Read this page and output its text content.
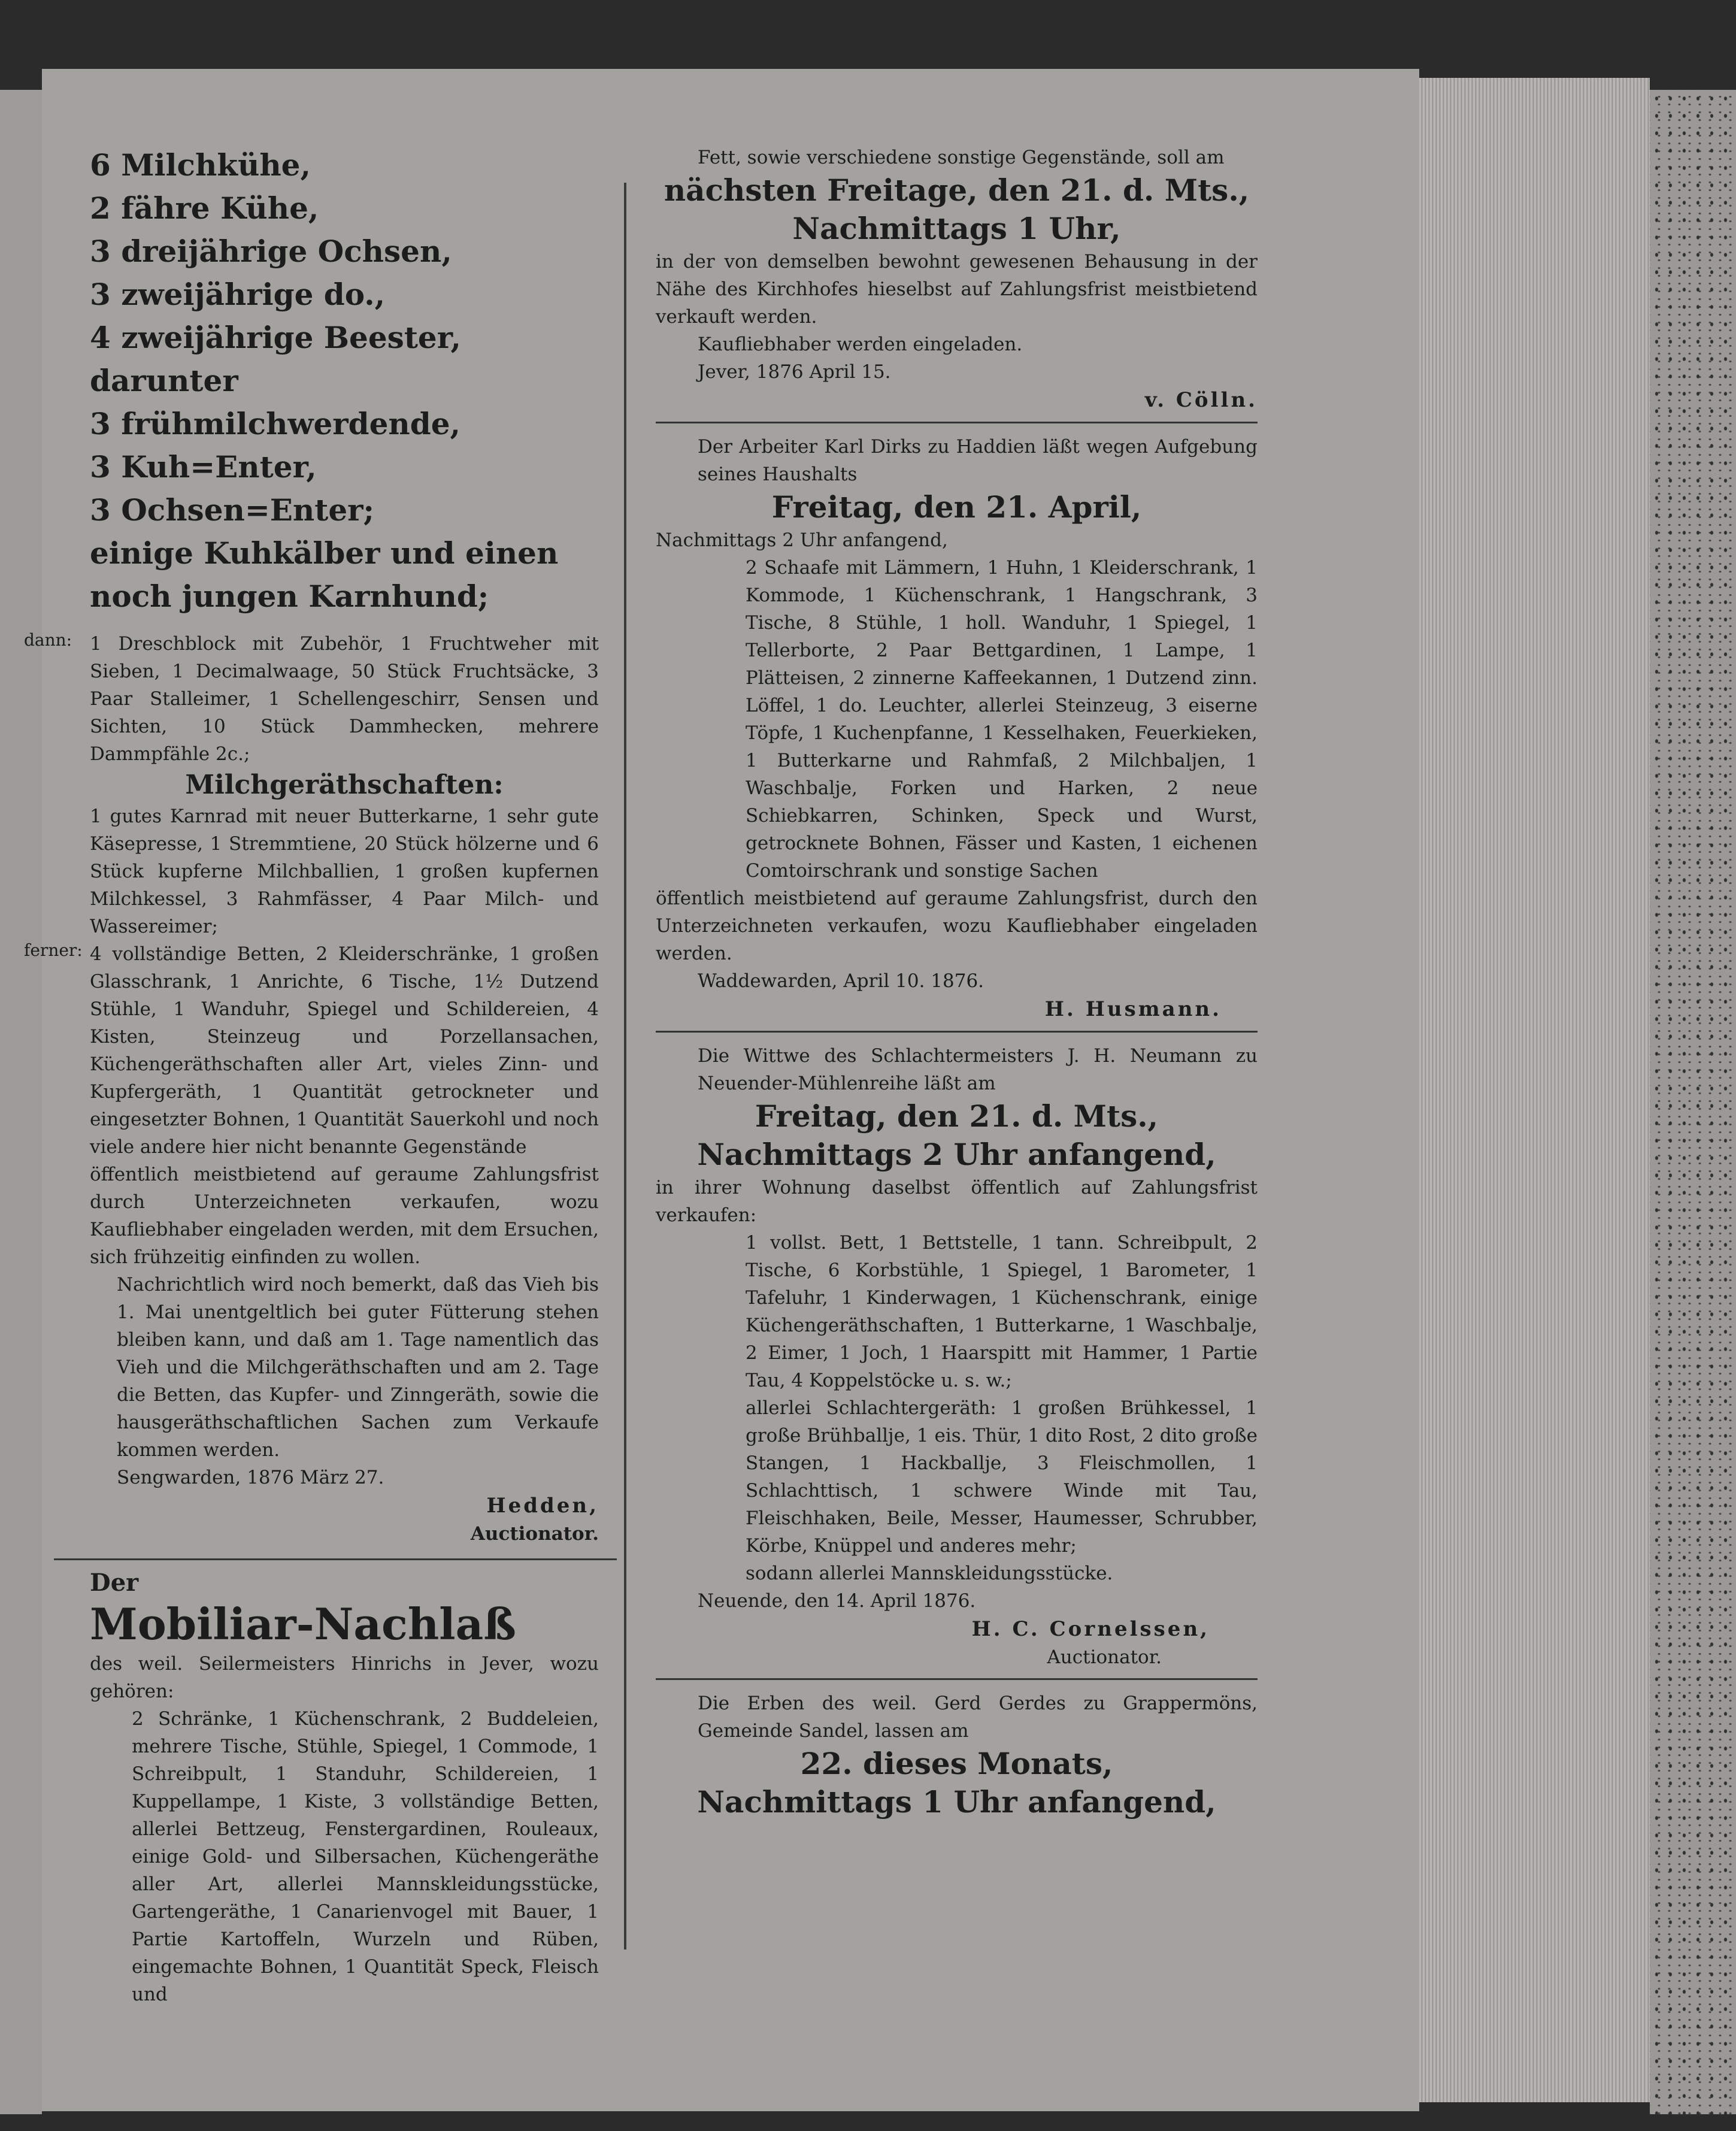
6 Milchkühe,

2 fähre Kühe,

3 dreijährige Ochsen,

3 zweijährige do.,

4 zweijährige Beester, darunter

3 frühmilchwerdende,

3 Kuh=Enter,

3 Ochsen=Enter;

einige Kuhkälber und einen

noch jungen Karnhund;

dann: 1 Dreschblock mit Zubehör, 1 Fruchtweher mit Sieben, 1 Decimalwaage, 50 Stück Fruchtsäcke, 3 Paar Stalleimer, 1 Schellengeschirr, Sensen und Sichten, 10 Stück Dammhecken, mehrere Dammpfähle 2c.;

Milchgeräthschaften:

1 gutes Karnrad mit neuer Butterkarne, 1 sehr gute Käsepresse, 1 Stremmtiene, 20 Stück hölzerne und 6 Stück kupferne Milchballien, 1 großen kupfernen Milchkessel, 3 Rahmfässer, 4 Paar Milch- und Wassereimer;

ferner: 4 vollständige Betten, 2 Kleiderschränke, 1 großen Glasschrank, 1 Anrichte, 6 Tische, 1½ Dutzend Stühle, 1 Wanduhr, Spiegel und Schildereien, 4 Kisten, Steinzeug und Porzellansachen, Küchengeräthschaften aller Art, vieles Zinn- und Kupfergeräth, 1 Quantität getrockneter und eingesetzter Bohnen, 1 Quantität Sauerkohl und noch viele andere hier nicht benannte Gegenstände

öffentlich meistbietend auf geraume Zahlungsfrist durch Unterzeichneten verkaufen, wozu Kaufliebhaber eingeladen werden, mit dem Ersuchen, sich frühzeitig einfinden zu wollen.

Nachrichtlich wird noch bemerkt, daß das Vieh bis 1. Mai unentgeltlich bei guter Fütterung stehen bleiben kann, und daß am 1. Tage namentlich das Vieh und die Milchgeräthschaften und am 2. Tage die Betten, das Kupfer- und Zinngeräth, sowie die hausgeräthschaftlichen Sachen zum Verkaufe kommen werden.

Sengwarden, 1876 März 27.

Hedden,

Auctionator.

Der

Mobiliar-Nachlaß

des weil. Seilermeisters Hinrichs in Jever, wozu gehören:

2 Schränke, 1 Küchenschrank, 2 Buddeleien, mehrere Tische, Stühle, Spiegel, 1 Commode, 1 Schreibpult, 1 Standuhr, Schildereien, 1 Kuppellampe, 1 Kiste, 3 vollständige Betten, allerlei Bettzeug, Fenstergardinen, Rouleaux, einige Gold- und Silbersachen, Küchengeräthe aller Art, allerlei Mannskleidungsstücke, Gartengeräthe, 1 Canarienvogel mit Bauer, 1 Partie Kartoffeln, Wurzeln und Rüben, eingemachte Bohnen, 1 Quantität Speck, Fleisch und

Fett, sowie verschiedene sonstige Gegenstände, soll am

nächsten Freitage, den 21. d. Mts.,

Nachmittags 1 Uhr,

in der von demselben bewohnt gewesenen Behausung in der Nähe des Kirchhofes hieselbst auf Zahlungsfrist meistbietend verkauft werden.

Kaufliebhaber werden eingeladen.

Jever, 1876 April 15.

v. Cölln.

Der Arbeiter Karl Dirks zu Haddien läßt wegen Aufgebung seines Haushalts

Freitag, den 21. April,

Nachmittags 2 Uhr anfangend,

2 Schaafe mit Lämmern, 1 Huhn, 1 Kleiderschrank, 1 Kommode, 1 Küchenschrank, 1 Hangschrank, 3 Tische, 8 Stühle, 1 holl. Wanduhr, 1 Spiegel, 1 Tellerborte, 2 Paar Bettgardinen, 1 Lampe, 1 Plätteisen, 2 zinnerne Kaffeekannen, 1 Dutzend zinn. Löffel, 1 do. Leuchter, allerlei Steinzeug, 3 eiserne Töpfe, 1 Kuchenpfanne, 1 Kesselhaken, Feuerkieken, 1 Butterkarne und Rahmfaß, 2 Milchbaljen, 1 Waschbalje, Forken und Harken, 2 neue Schiebkarren, Schinken, Speck und Wurst, getrocknete Bohnen, Fässer und Kasten, 1 eichenen Comtoirschrank und sonstige Sachen

öffentlich meistbietend auf geraume Zahlungsfrist, durch den Unterzeichneten verkaufen, wozu Kaufliebhaber eingeladen werden.

Waddewarden, April 10. 1876.

H. Husmann.

Die Wittwe des Schlachtermeisters J. H. Neumann zu Neuender-Mühlenreihe läßt am

Freitag, den 21. d. Mts.,

Nachmittags 2 Uhr anfangend,

in ihrer Wohnung daselbst öffentlich auf Zahlungsfrist verkaufen:

1 vollst. Bett, 1 Bettstelle, 1 tann. Schreibpult, 2 Tische, 6 Korbstühle, 1 Spiegel, 1 Barometer, 1 Tafeluhr, 1 Kinderwagen, 1 Küchenschrank, einige Küchengeräthschaften, 1 Butterkarne, 1 Waschbalje, 2 Eimer, 1 Joch, 1 Haarspitt mit Hammer, 1 Partie Tau, 4 Koppelstöcke u. s. w.;

allerlei Schlachtergeräth: 1 großen Brühkessel, 1 große Brühballje, 1 eis. Thür, 1 dito Rost, 2 dito große Stangen, 1 Hackballje, 3 Fleischmollen, 1 Schlachttisch, 1 schwere Winde mit Tau, Fleischhaken, Beile, Messer, Haumesser, Schrubber, Körbe, Knüppel und anderes mehr;

sodann allerlei Mannskleidungsstücke.

Neuende, den 14. April 1876.

H. C. Cornelssen,

Auctionator.

Die Erben des weil. Gerd Gerdes zu Grappermöns, Gemeinde Sandel, lassen am

22. dieses Monats,

Nachmittags 1 Uhr anfangend,
